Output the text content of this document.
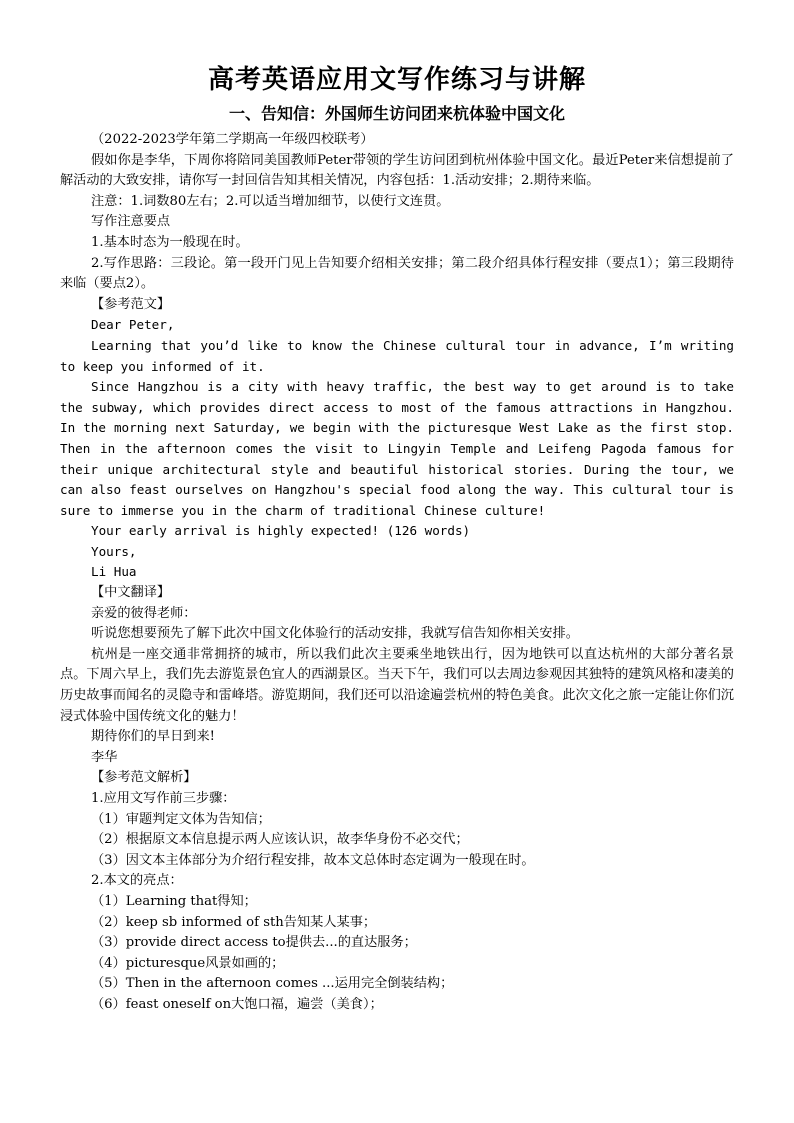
高考英语应用文写作练习与讲解
一、告知信：外国师生访问团来杭体验中国文化

（2022-2023学年第二学期高一年级四校联考）

假如你是李华，下周你将陪同美国教师Peter带领的学生访问团到杭州体验中国文化。最近Peter来信想提前了解活动的大致安排，请你写一封回信告知其相关情况，内容包括：1.活动安排；2.期待来临。

注意：1.词数80左右；2.可以适当增加细节，以使行文连贯。

写作注意要点

1.基本时态为一般现在时。

2.写作思路：三段论。第一段开门见上告知要介绍相关安排；第二段介绍具体行程安排（要点1）；第三段期待来临（要点2）。

【参考范文】

Dear Peter,

Learning that you’d like to know the Chinese cultural tour in advance, I’m writing to keep you informed of it.

Since Hangzhou is a city with heavy traffic, the best way to get around is to take the subway, which provides direct access to most of the famous attractions in Hangzhou. In the morning next Saturday, we begin with the picturesque West Lake as the first stop. Then in the afternoon comes the visit to Lingyin Temple and Leifeng Pagoda famous for their unique architectural style and beautiful historical stories. During the tour, we can also feast ourselves on Hangzhou's special food along the way. This cultural tour is sure to immerse you in the charm of traditional Chinese culture!

Your early arrival is highly expected! (126 words)

Yours,

Li Hua

【中文翻译】

亲爱的彼得老师：

听说您想要预先了解下此次中国文化体验行的活动安排，我就写信告知你相关安排。

杭州是一座交通非常拥挤的城市，所以我们此次主要乘坐地铁出行，因为地铁可以直达杭州的大部分著名景点。下周六早上，我们先去游览景色宜人的西湖景区。当天下午，我们可以去周边参观因其独特的建筑风格和凄美的历史故事而闻名的灵隐寺和雷峰塔。游览期间，我们还可以沿途遍尝杭州的特色美食。此次文化之旅一定能让你们沉浸式体验中国传统文化的魅力！

期待你们的早日到来!

李华

【参考范文解析】

1.应用文写作前三步骤：

（1）审题判定文体为告知信；

（2）根据原文本信息提示两人应该认识，故李华身份不必交代；

（3）因文本主体部分为介绍行程安排，故本文总体时态定调为一般现在时。

2.本文的亮点：

（1）Learning that得知；

（2）keep sb informed of sth告知某人某事；

（3）provide direct access to提供去...的直达服务；

（4）picturesque风景如画的；

（5）Then in the afternoon comes ...运用完全倒装结构；

（6）feast oneself on大饱口福，遍尝（美食）；
